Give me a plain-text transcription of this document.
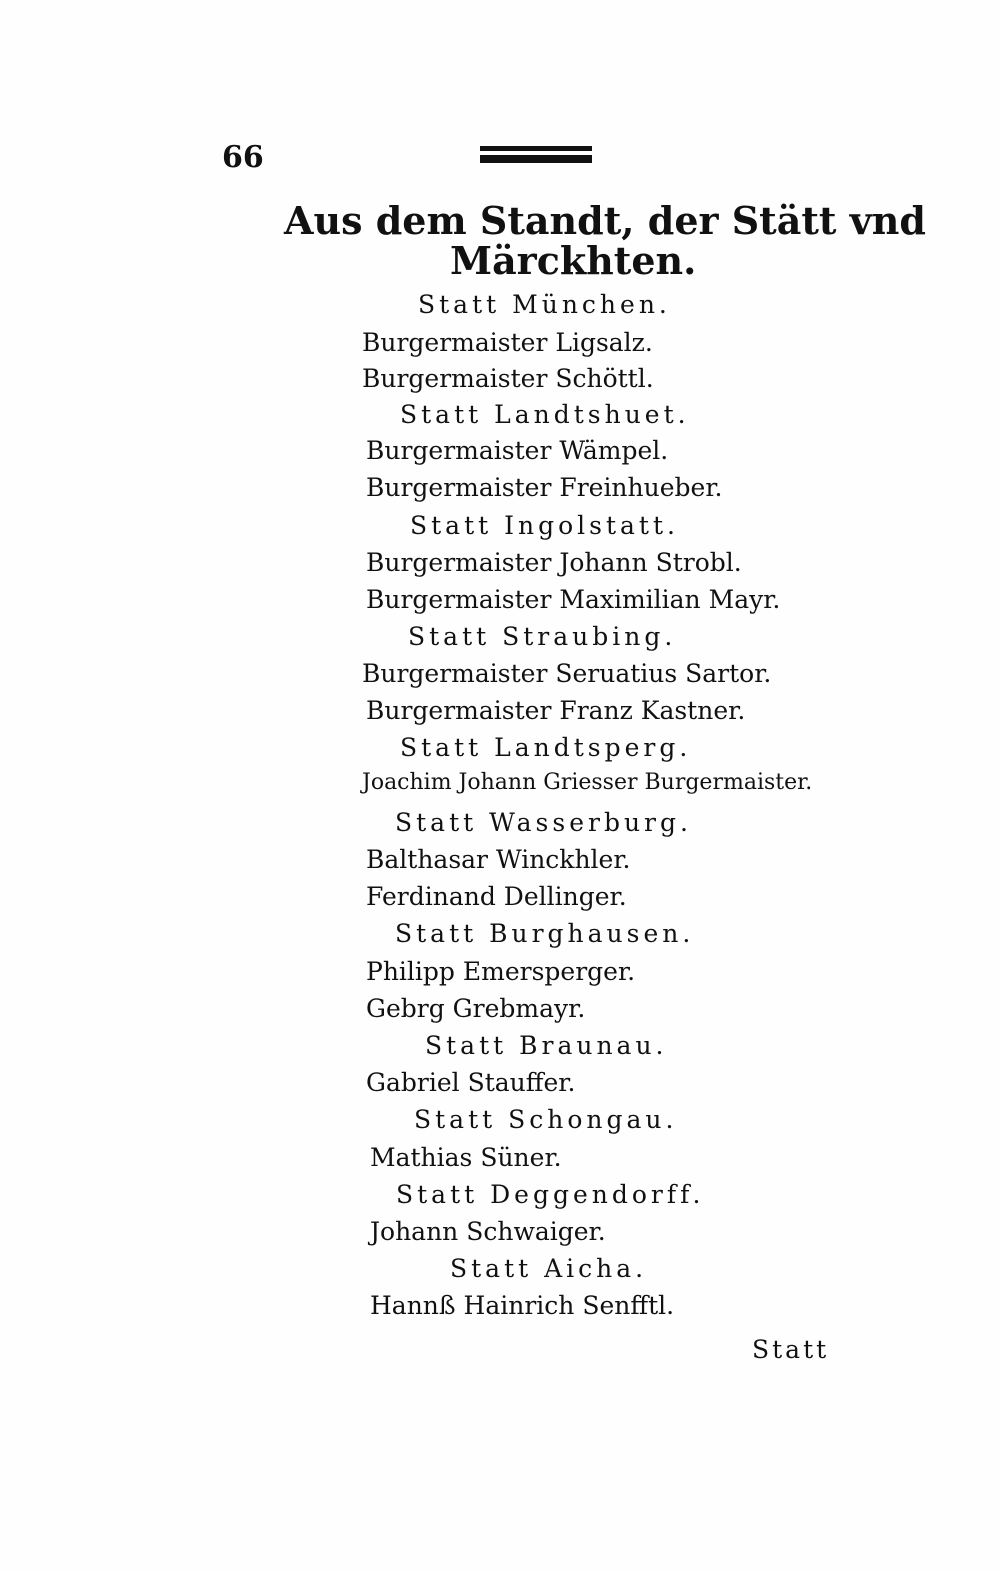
66
Aus dem Standt, der Stätt vnd
Märckhten.
Statt München.
Burgermaister Ligsalz.
Burgermaister Schöttl.
Statt Landtshuet.
Burgermaister Wämpel.
Burgermaister Freinhueber.
Statt Ingolstatt.
Burgermaister Johann Strobl.
Burgermaister Maximilian Mayr.
Statt Straubing.
Burgermaister Seruatius Sartor.
Burgermaister Franz Kastner.
Statt Landtsperg.
Joachim Johann Griesser Burgermaister.
Statt Wasserburg.
Balthasar Winckhler.
Ferdinand Dellinger.
Statt Burghausen.
Philipp Emersperger.
Gebrg Grebmayr.
Statt Braunau.
Gabriel Stauffer.
Statt Schongau.
Mathias Süner.
Statt Deggendorff.
Johann Schwaiger.
Statt Aicha.
Hannß Hainrich Senfftl.
Statt
